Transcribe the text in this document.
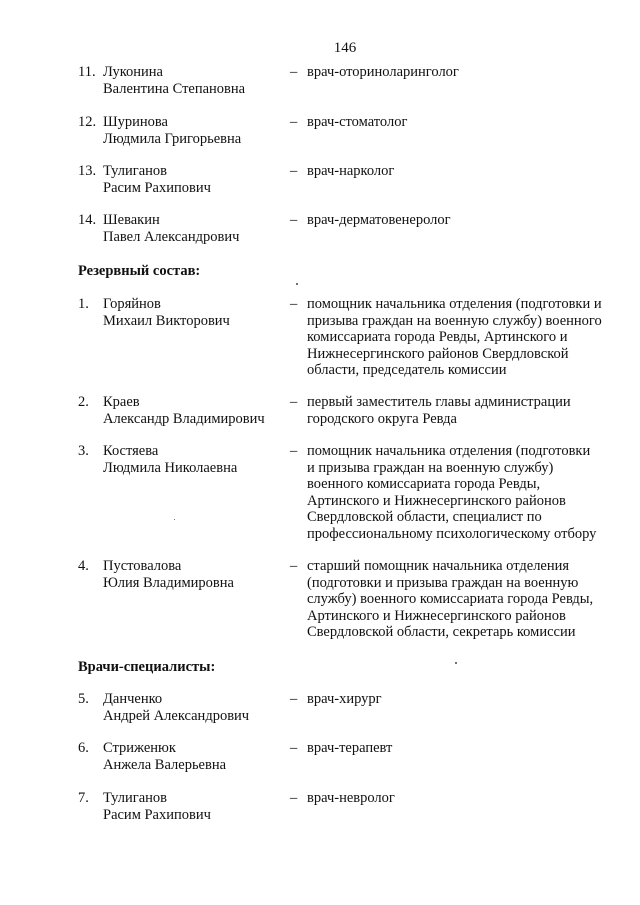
146
11. Луконина
Валентина Степановна
– врач-оториноларинголог
12. Шуринова
Людмила Григорьевна
– врач-стоматолог
13. Тулиганов
Расим Рахипович
– врач-нарколог
14. Шевакин
Павел Александрович
– врач-дерматовенеролог
Резервный состав:
1. Горяйнов
Михаил Викторович
– помощник начальника отделения (подготовки и
призыва граждан на военную службу) военного
комиссариата города Ревды, Артинского и
Нижнесергинского районов Свердловской
области, председатель комиссии
2. Краев
Александр Владимирович
– первый заместитель главы администрации
городского округа Ревда
3. Костяева
Людмила Николаевна
– помощник начальника отделения (подготовки
и призыва граждан на военную службу)
военного комиссариата города Ревды,
Артинского и Нижнесергинского районов
Свердловской области, специалист по
профессиональному психологическому отбору
4. Пустовалова
Юлия Владимировна
– старший помощник начальника отделения
(подготовки и призыва граждан на военную
службу) военного комиссариата города Ревды,
Артинского и Нижнесергинского районов
Свердловской области, секретарь комиссии
Врачи-специалисты:
5. Данченко
Андрей Александрович
– врач-хирург
6. Стриженюк
Анжела Валерьевна
– врач-терапевт
7. Тулиганов
Расим Рахипович
– врач-невролог
